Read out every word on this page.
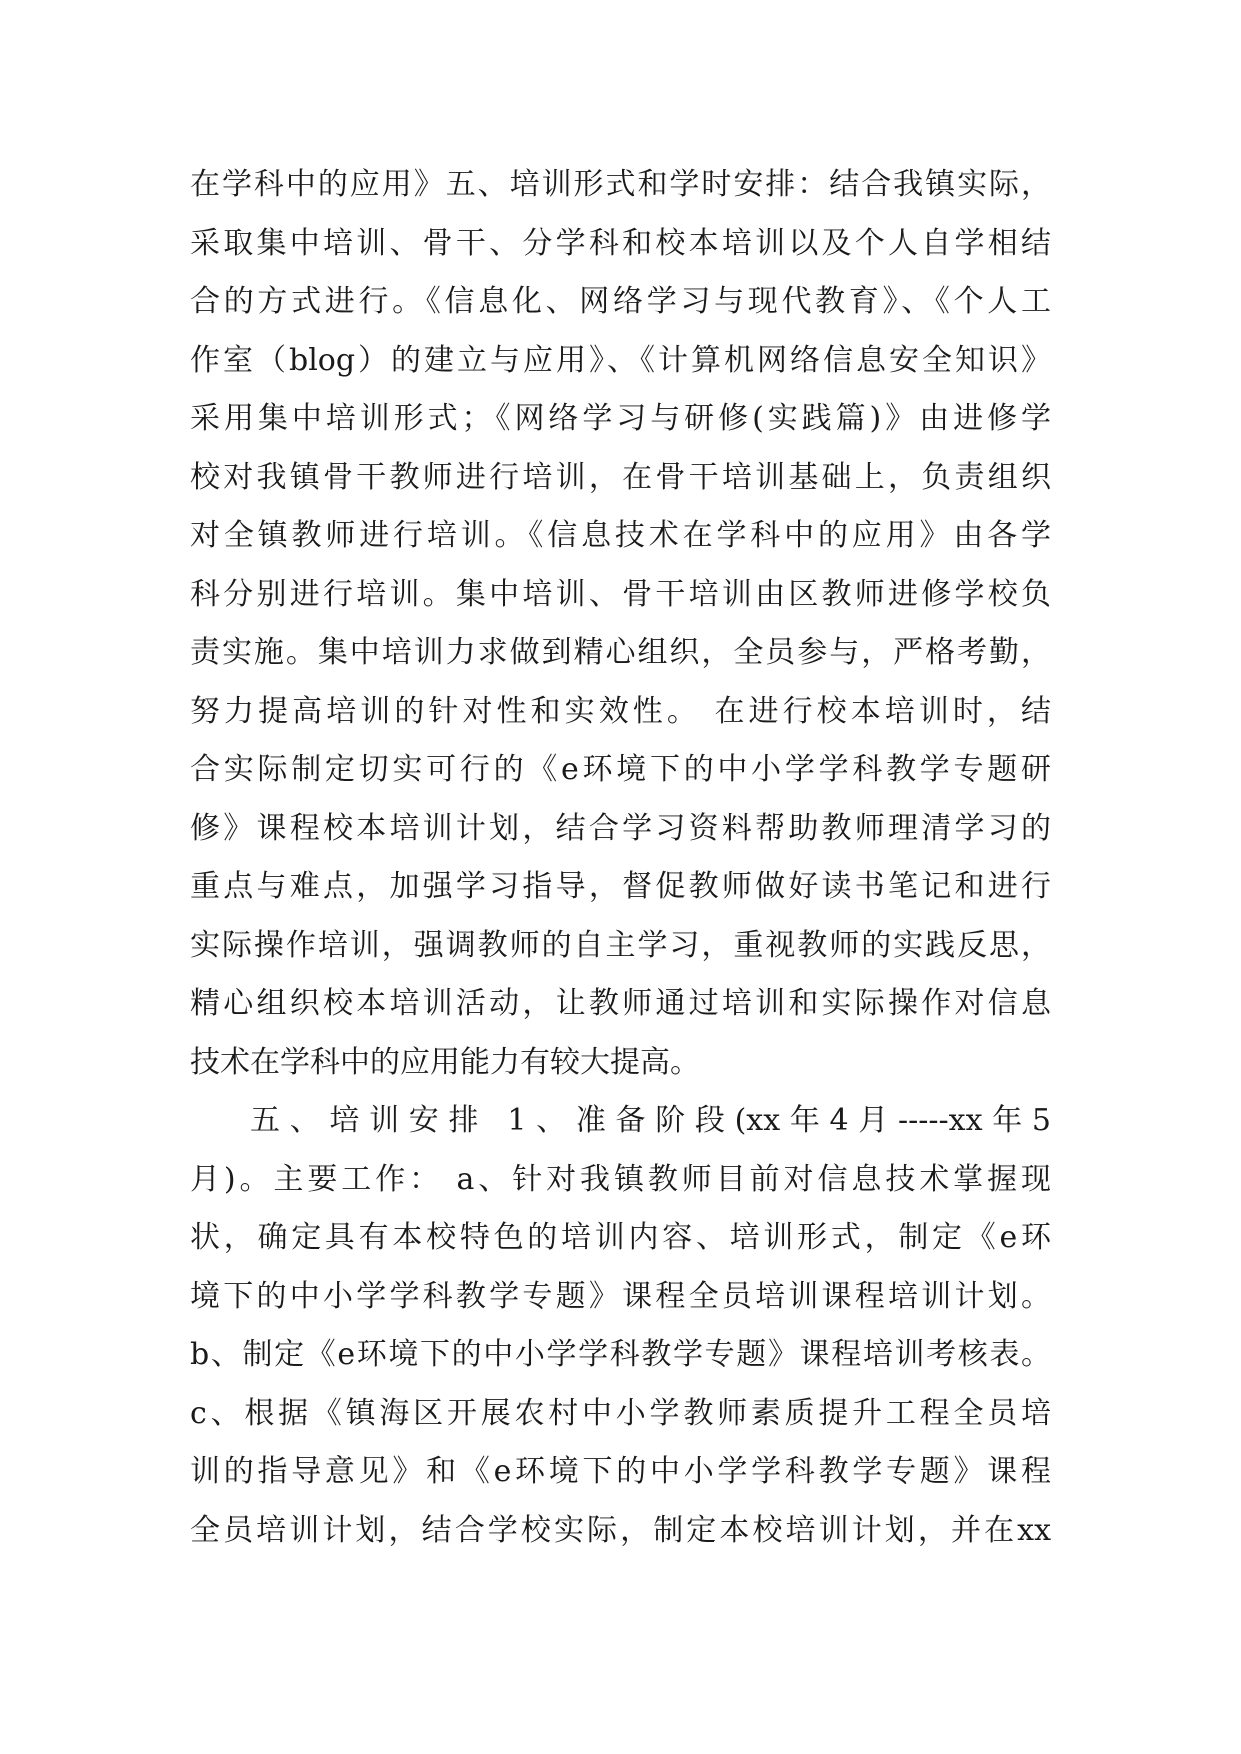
在学科中的应用》五、培训形式和学时安排：结合我镇实际，
采取集中培训、骨干、分学科和校本培训以及个人自学相结
合的方式进行。《信息化、网络学习与现代教育》、《个人工
作室（blog）的建立与应用》、《计算机网络信息安全知识》
采用集中培训形式；《网络学习与研修(实践篇)》由进修学
校对我镇骨干教师进行培训，在骨干培训基础上，负责组织
对全镇教师进行培训。《信息技术在学科中的应用》由各学
科分别进行培训。集中培训、骨干培训由区教师进修学校负
责实施。集中培训力求做到精心组织，全员参与，严格考勤，
努力提高培训的针对性和实效性。 在进行校本培训时，结
合实际制定切实可行的《e环境下的中小学学科教学专题研
修》课程校本培训计划，结合学习资料帮助教师理清学习的
重点与难点，加强学习指导，督促教师做好读书笔记和进行
实际操作培训，强调教师的自主学习，重视教师的实践反思，
精心组织校本培训活动，让教师通过培训和实际操作对信息
技术在学科中的应用能力有较大提高。
五、培训安排 1、准备阶段(xx年4月-----xx年5
月)。主要工作： a、针对我镇教师目前对信息技术掌握现
状，确定具有本校特色的培训内容、培训形式，制定《e环
境下的中小学学科教学专题》课程全员培训课程培训计划。
b、制定《e环境下的中小学学科教学专题》课程培训考核表。
c、根据《镇海区开展农村中小学教师素质提升工程全员培
训的指导意见》和《e环境下的中小学学科教学专题》课程
全员培训计划，结合学校实际，制定本校培训计划，并在xx
